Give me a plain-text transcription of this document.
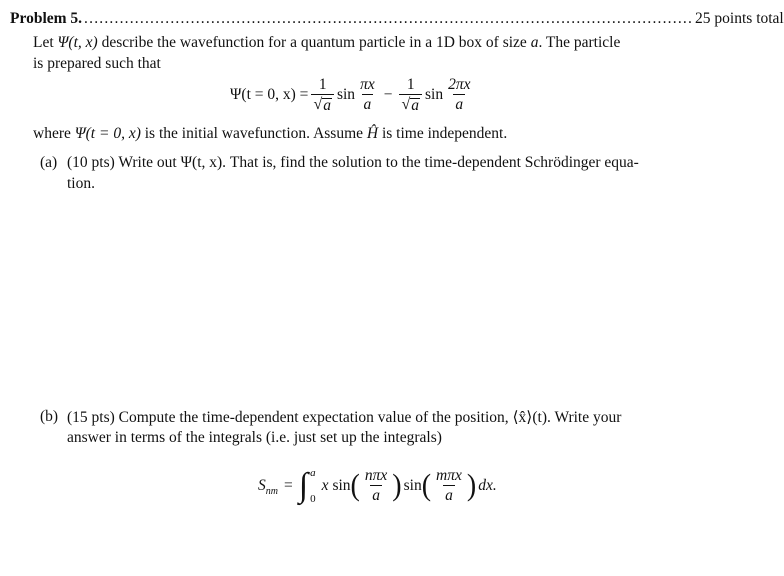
Problem 5. ........................................................................................................................ 25 points total
Let Ψ(t, x) describe the wavefunction for a quantum particle in a 1D box of size a. The particle
is prepared such that
Ψ(t = 0, $x) = \frac{1}{√ a}$ $\sin \frac{\pi x}{a} - \frac{1}{√ a}$ $\sin \frac{2\pi x}{a}$
where Ψ(t = 0, x) is the initial wavefunction. Assume Ĥ is time independent.
(a) (10 pts) Write out Ψ(t, x). That is, find the solution to the time-dependent Schrödinger equa-
tion.
(b) (15 pts) Compute the time-dependent expectation value of the position, ⟨x̂⟩(t). Write your
answer in terms of the integrals (i.e. just set up the integrals)
S nm = ∫ a
0
x sin ( $\frac{\text{nπx}}{a}$ ) sin ( $\frac{\text{mπx}}{a}$ ) dx.
